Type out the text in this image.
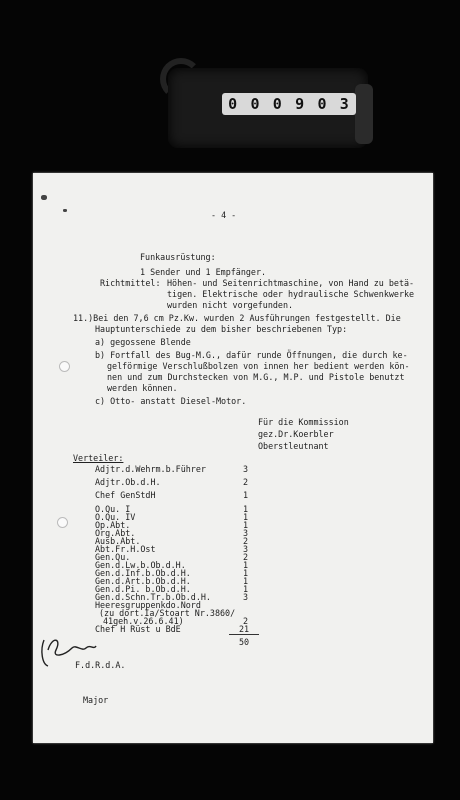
0 0 0 9 0 3
- 4 -
Funkausrüstung:
1 Sender und 1 Empfänger.
Richtmittel: Höhen- und Seitenrichtmaschine, von Hand zu betä-
tigen. Elektrische oder hydraulische Schwenkwerke
wurden nicht vorgefunden.
11.)Bei den 7,6 cm Pz.Kw. wurden 2 Ausführungen festgestellt. Die
Hauptunterschiede zu dem bisher beschriebenen Typ:
a) gegossene Blende
b) Fortfall des Bug-M.G., dafür runde Öffnungen, die durch ke-
gelförmige Verschlußbolzen von innen her bedient werden kön-
nen und zum Durchstecken von M.G., M.P. und Pistole benutzt
werden können.
c) Otto- anstatt Diesel-Motor.
Für die Kommission
gez.Dr.Koerbler
Oberstleutnant
Verteiler:
Adjtr.d.Wehrm.b.Führer	3
Adjtr.Ob.d.H.	2
Chef GenStdH	1
O.Qu. I	1
O.Qu. IV	1
Op.Abt.	1
Org.Abt.	3
Ausb.Abt.	2
Abt.Fr.H.Ost	3
Gen.Qu.	2
Gen.d.Lw.b.Ob.d.H.	1
Gen.d.Inf.b.Ob.d.H.	1
Gen.d.Art.b.Ob.d.H.	1
Gen.d.Pi. b.Ob.d.H.	1
Gen.d.Schn.Tr.b.Ob.d.H.	3
Heeresgruppenkdo.Nord
(zu dort.Ia/Stoart Nr.3860/
41geh.v.26.6.41)	2
Chef H Rüst u BdE	21
50
F.d.R.d.A.
Major
